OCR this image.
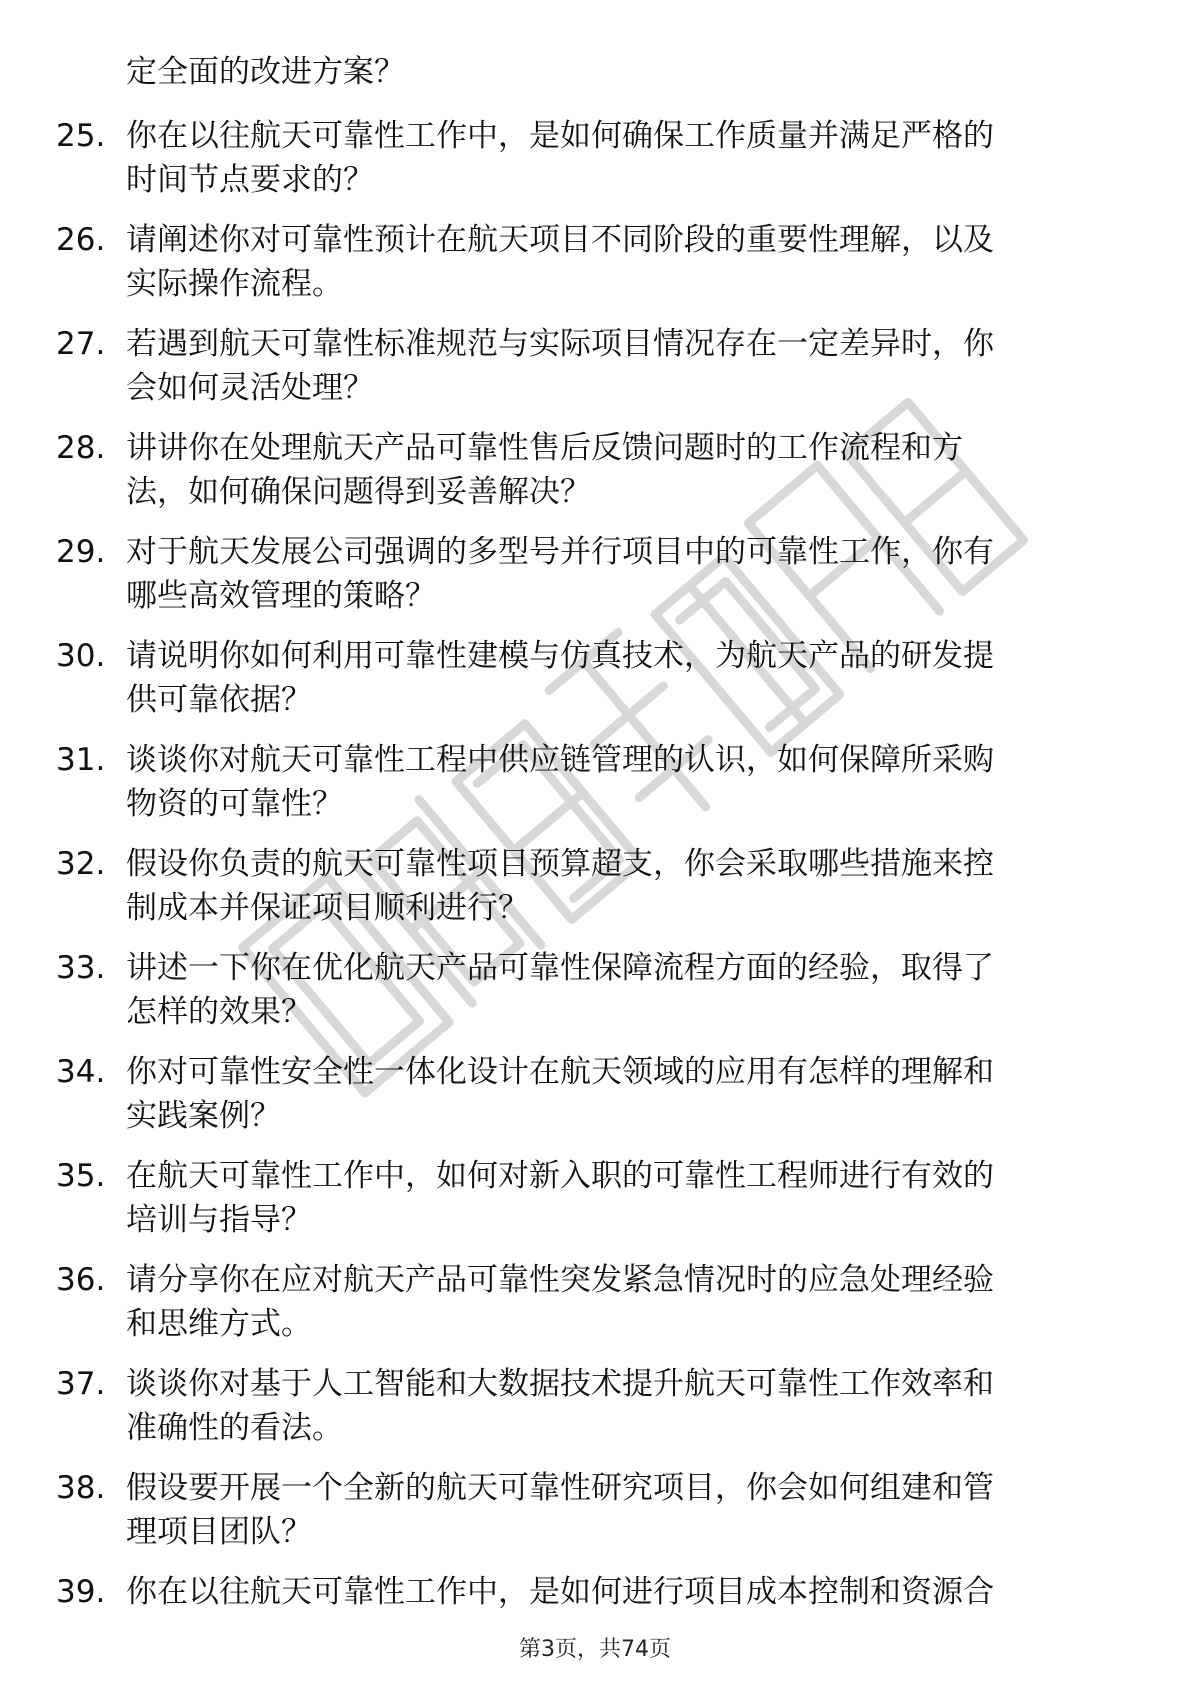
定全面的改进方案？
25. 你在以往航天可靠性工作中，是如何确保工作质量并满足严格的
时间节点要求的？
26. 请阐述你对可靠性预计在航天项目不同阶段的重要性理解，以及
实际操作流程。
27. 若遇到航天可靠性标准规范与实际项目情况存在一定差异时，你
会如何灵活处理？
28. 讲讲你在处理航天产品可靠性售后反馈问题时的工作流程和方
法，如何确保问题得到妥善解决？
29. 对于航天发展公司强调的多型号并行项目中的可靠性工作，你有
哪些高效管理的策略？
30. 请说明你如何利用可靠性建模与仿真技术，为航天产品的研发提
供可靠依据？
31. 谈谈你对航天可靠性工程中供应链管理的认识，如何保障所采购
物资的可靠性？
32. 假设你负责的航天可靠性项目预算超支，你会采取哪些措施来控
制成本并保证项目顺利进行？
33. 讲述一下你在优化航天产品可靠性保障流程方面的经验，取得了
怎样的效果？
34. 你对可靠性安全性一体化设计在航天领域的应用有怎样的理解和
实践案例？
35. 在航天可靠性工作中，如何对新入职的可靠性工程师进行有效的
培训与指导？
36. 请分享你在应对航天产品可靠性突发紧急情况时的应急处理经验
和思维方式。
37. 谈谈你对基于人工智能和大数据技术提升航天可靠性工作效率和
准确性的看法。
38. 假设要开展一个全新的航天可靠性研究项目，你会如何组建和管
理项目团队？
39. 你在以往航天可靠性工作中，是如何进行项目成本控制和资源合
第3页，共74页
